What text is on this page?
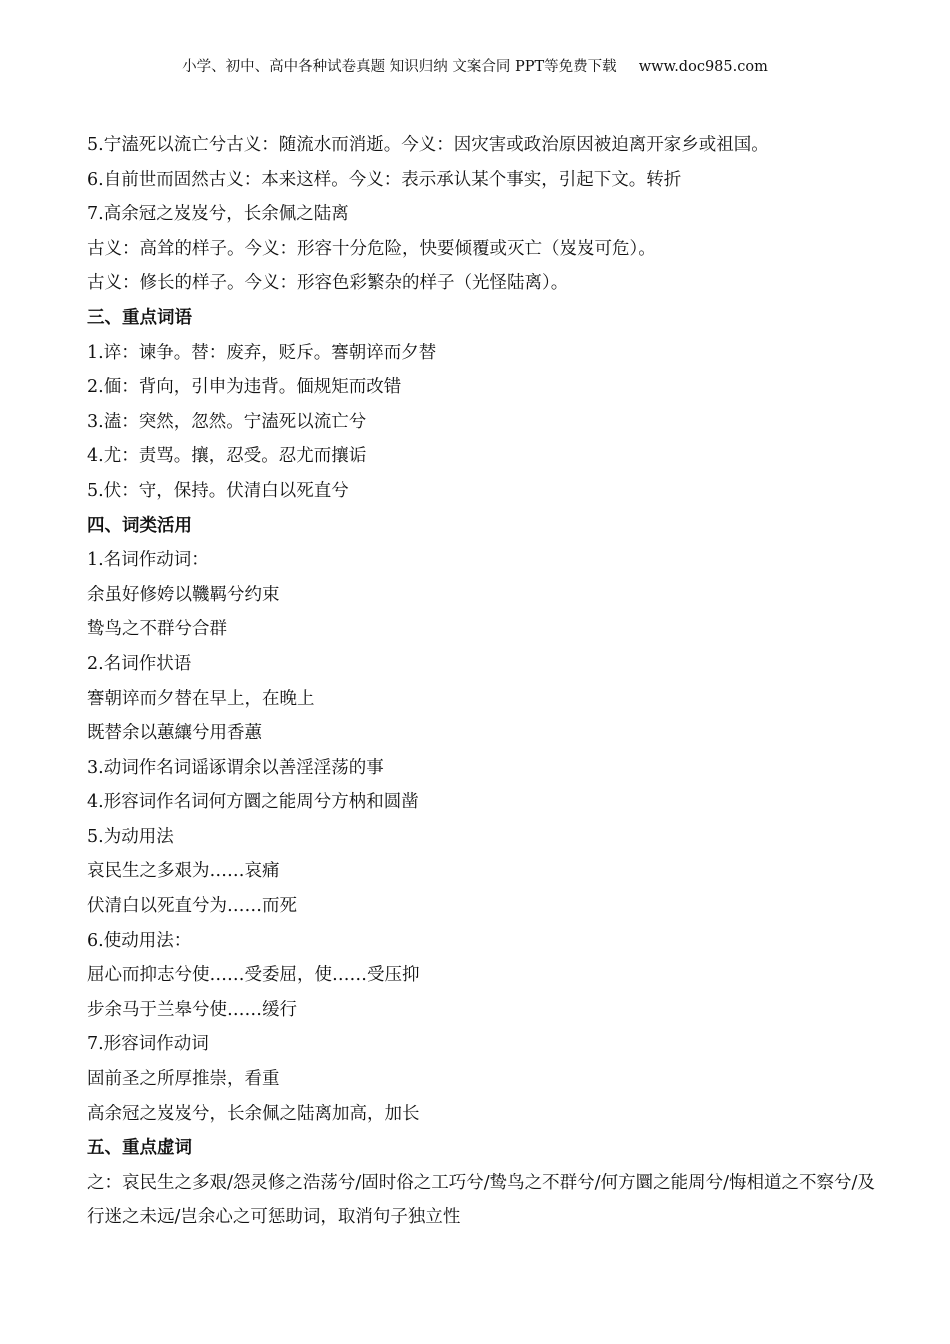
小学、初中、高中各种试卷真题 知识归纳 文案合同 PPT等免费下载 www.doc985.com
5.宁溘死以流亡兮古义：随流水而消逝。今义：因灾害或政治原因被迫离开家乡或祖国。
6.自前世而固然古义：本来这样。今义：表示承认某个事实，引起下文。转折
7.高余冠之岌岌兮，长余佩之陆离
古义：高耸的样子。今义：形容十分危险，快要倾覆或灭亡（岌岌可危）。
古义：修长的样子。今义：形容色彩繁杂的样子（光怪陆离）。
三、重点词语
1.谇：谏争。替：废弃，贬斥。謇朝谇而夕替
2.偭：背向，引申为违背。偭规矩而改错
3.溘：突然，忽然。宁溘死以流亡兮
4.尤：责骂。攘，忍受。忍尤而攘诟
5.伏：守，保持。伏清白以死直兮
四、词类活用
1.名词作动词：
余虽好修姱以鞿羁兮约束
鸷鸟之不群兮合群
2.名词作状语
謇朝谇而夕替在早上，在晚上
既替余以蕙纕兮用香蕙
3.动词作名词谣诼谓余以善淫淫荡的事
4.形容词作名词何方圜之能周兮方枘和圆凿
5.为动用法
哀民生之多艰为……哀痛
伏清白以死直兮为……而死
6.使动用法：
屈心而抑志兮使……受委屈，使……受压抑
步余马于兰皋兮使……缓行
7.形容词作动词
固前圣之所厚推崇，看重
高余冠之岌岌兮，长余佩之陆离加高，加长
五、重点虚词
之：哀民生之多艰/怨灵修之浩荡兮/固时俗之工巧兮/鸷鸟之不群兮/何方圜之能周兮/悔相道之不察兮/及行迷之未远/岂余心之可惩助词，取消句子独立性
